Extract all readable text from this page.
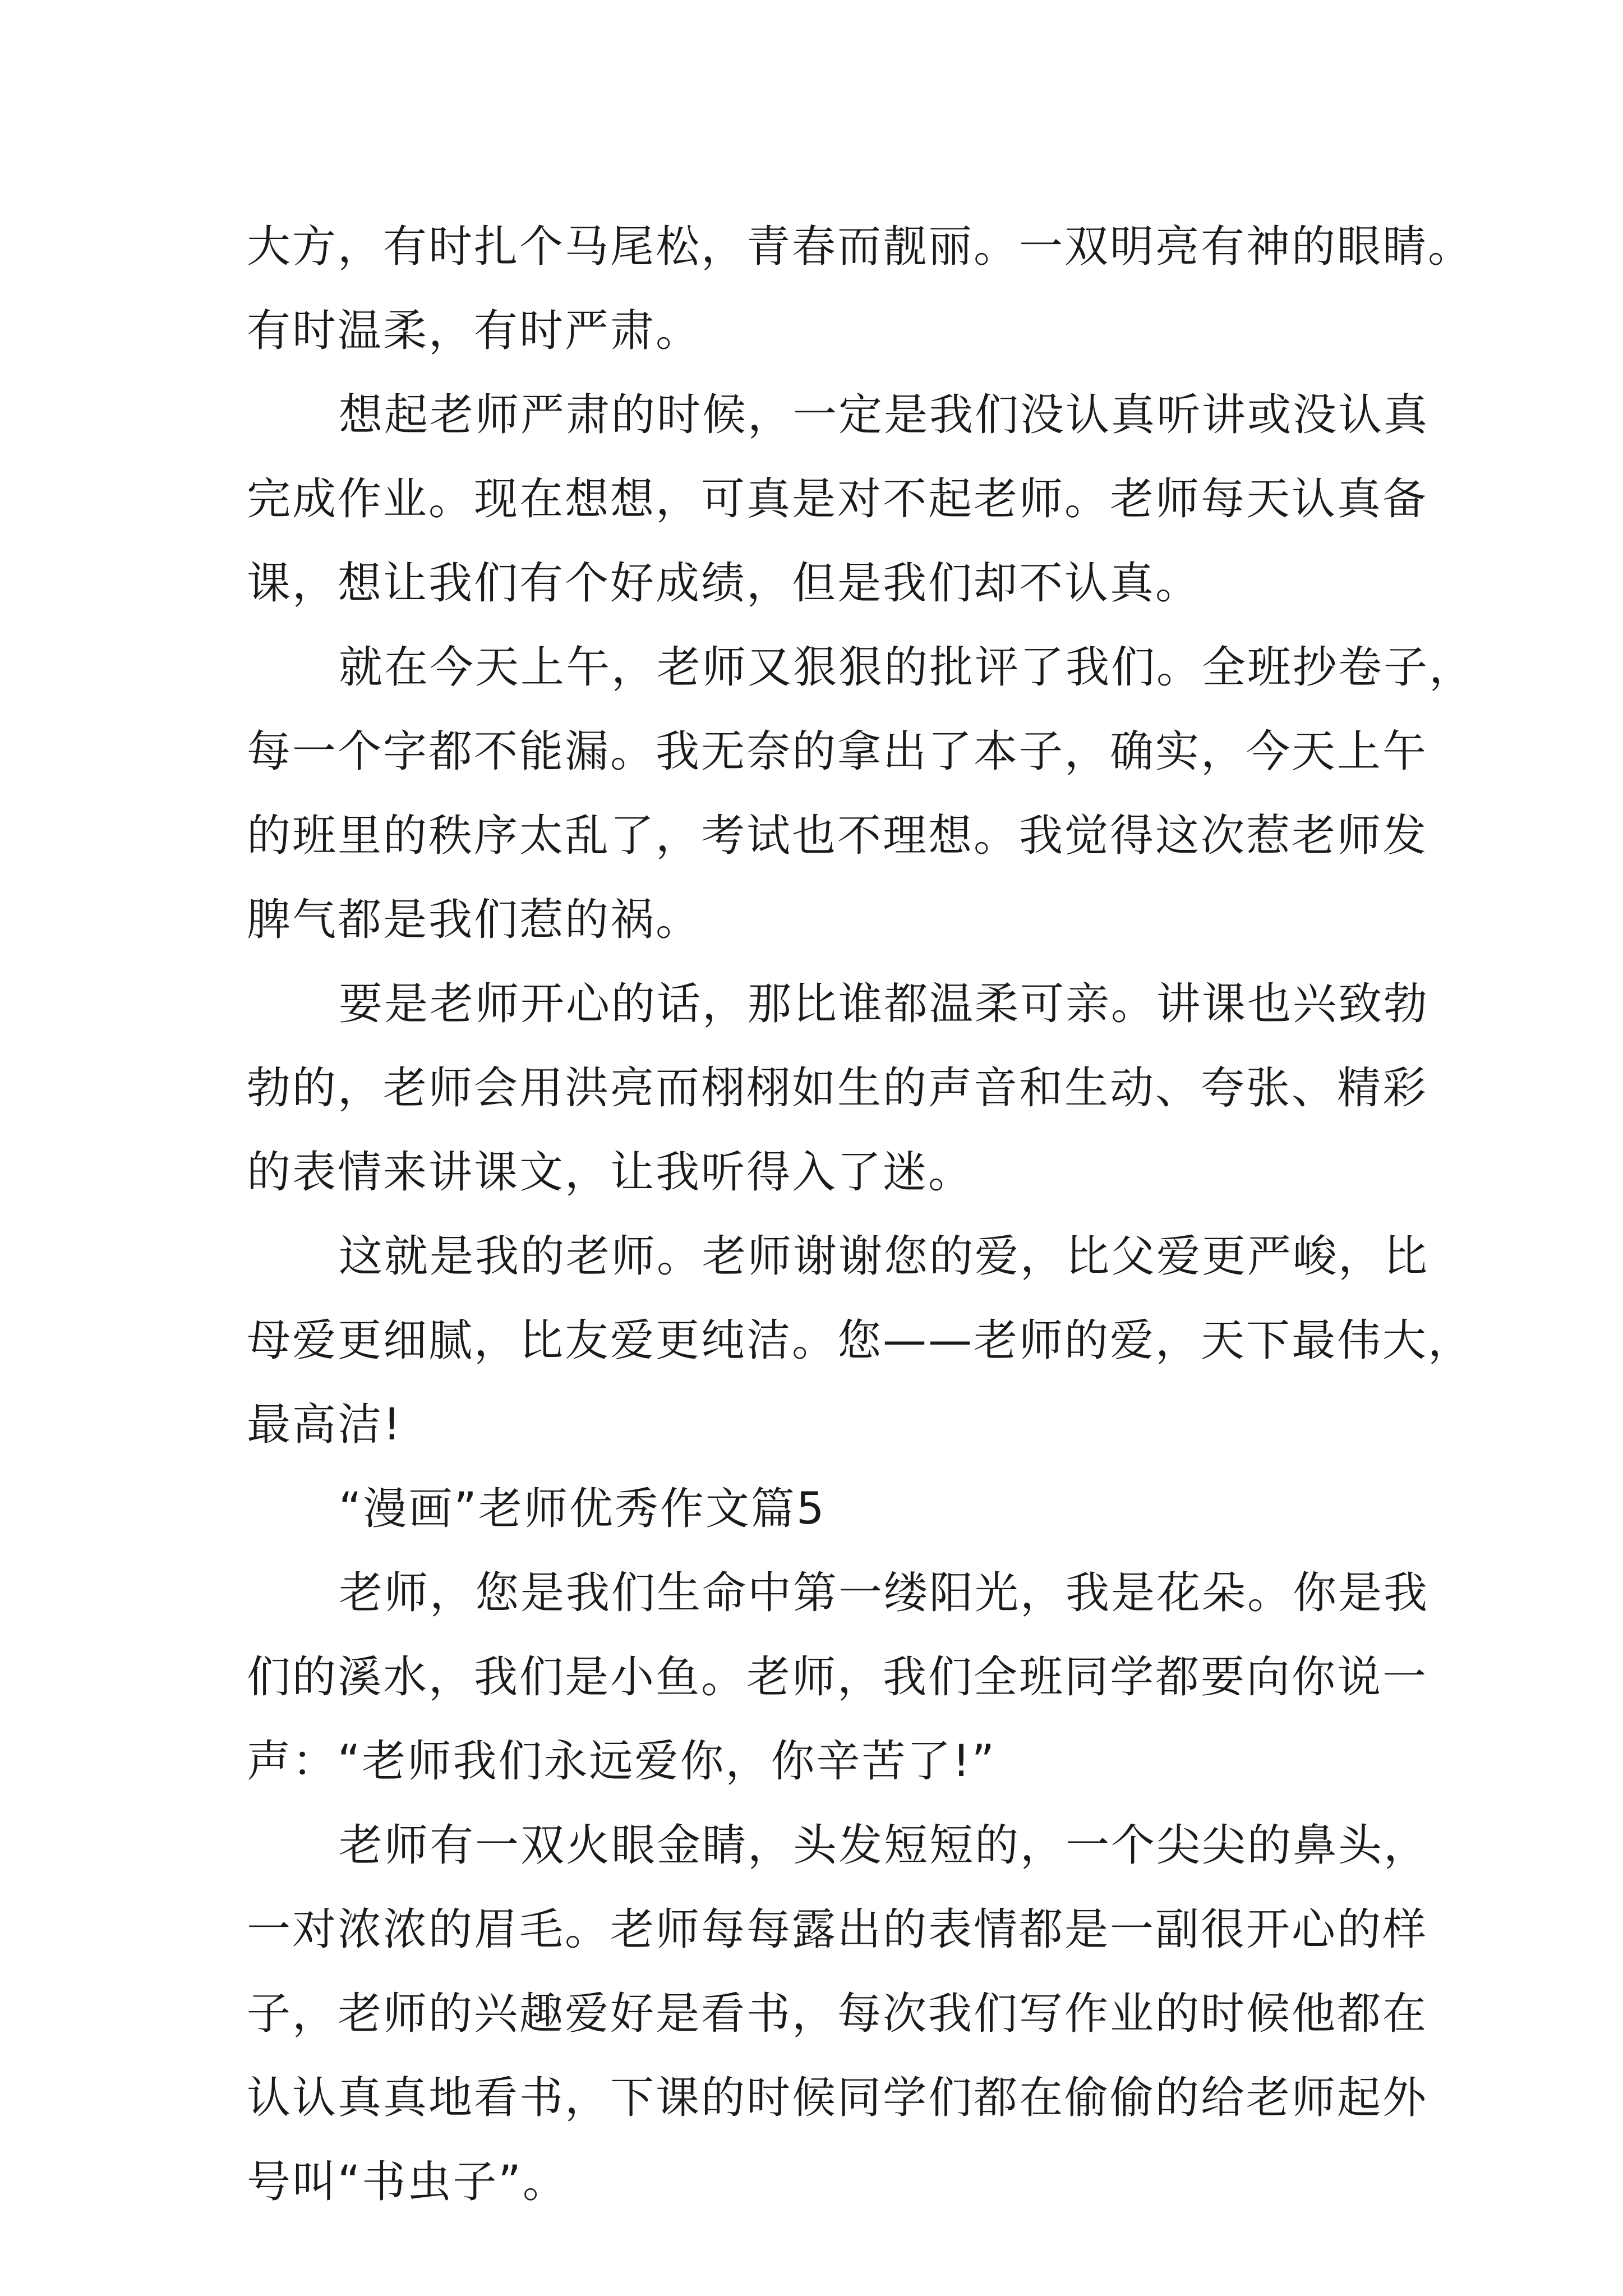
大方，有时扎个马尾松，青春而靓丽。一双明亮有神的眼睛。
有时温柔，有时严肃。
想起老师严肃的时候，一定是我们没认真听讲或没认真
完成作业。现在想想，可真是对不起老师。老师每天认真备
课，想让我们有个好成绩，但是我们却不认真。
就在今天上午，老师又狠狠的批评了我们。全班抄卷子，
每一个字都不能漏。我无奈的拿出了本子，确实，今天上午
的班里的秩序太乱了，考试也不理想。我觉得这次惹老师发
脾气都是我们惹的祸。
要是老师开心的话，那比谁都温柔可亲。讲课也兴致勃
勃的，老师会用洪亮而栩栩如生的声音和生动、夸张、精彩
的表情来讲课文，让我听得入了迷。
这就是我的老师。老师谢谢您的爱，比父爱更严峻，比
母爱更细腻，比友爱更纯洁。您——老师的爱，天下最伟大，
最高洁!
“漫画”老师优秀作文篇5
老师，您是我们生命中第一缕阳光，我是花朵。你是我
们的溪水，我们是小鱼。老师，我们全班同学都要向你说一
声：“老师我们永远爱你，你辛苦了!”
老师有一双火眼金睛，头发短短的，一个尖尖的鼻头，
一对浓浓的眉毛。老师每每露出的表情都是一副很开心的样
子，老师的兴趣爱好是看书，每次我们写作业的时候他都在
认认真真地看书，下课的时候同学们都在偷偷的给老师起外
号叫“书虫子”。
